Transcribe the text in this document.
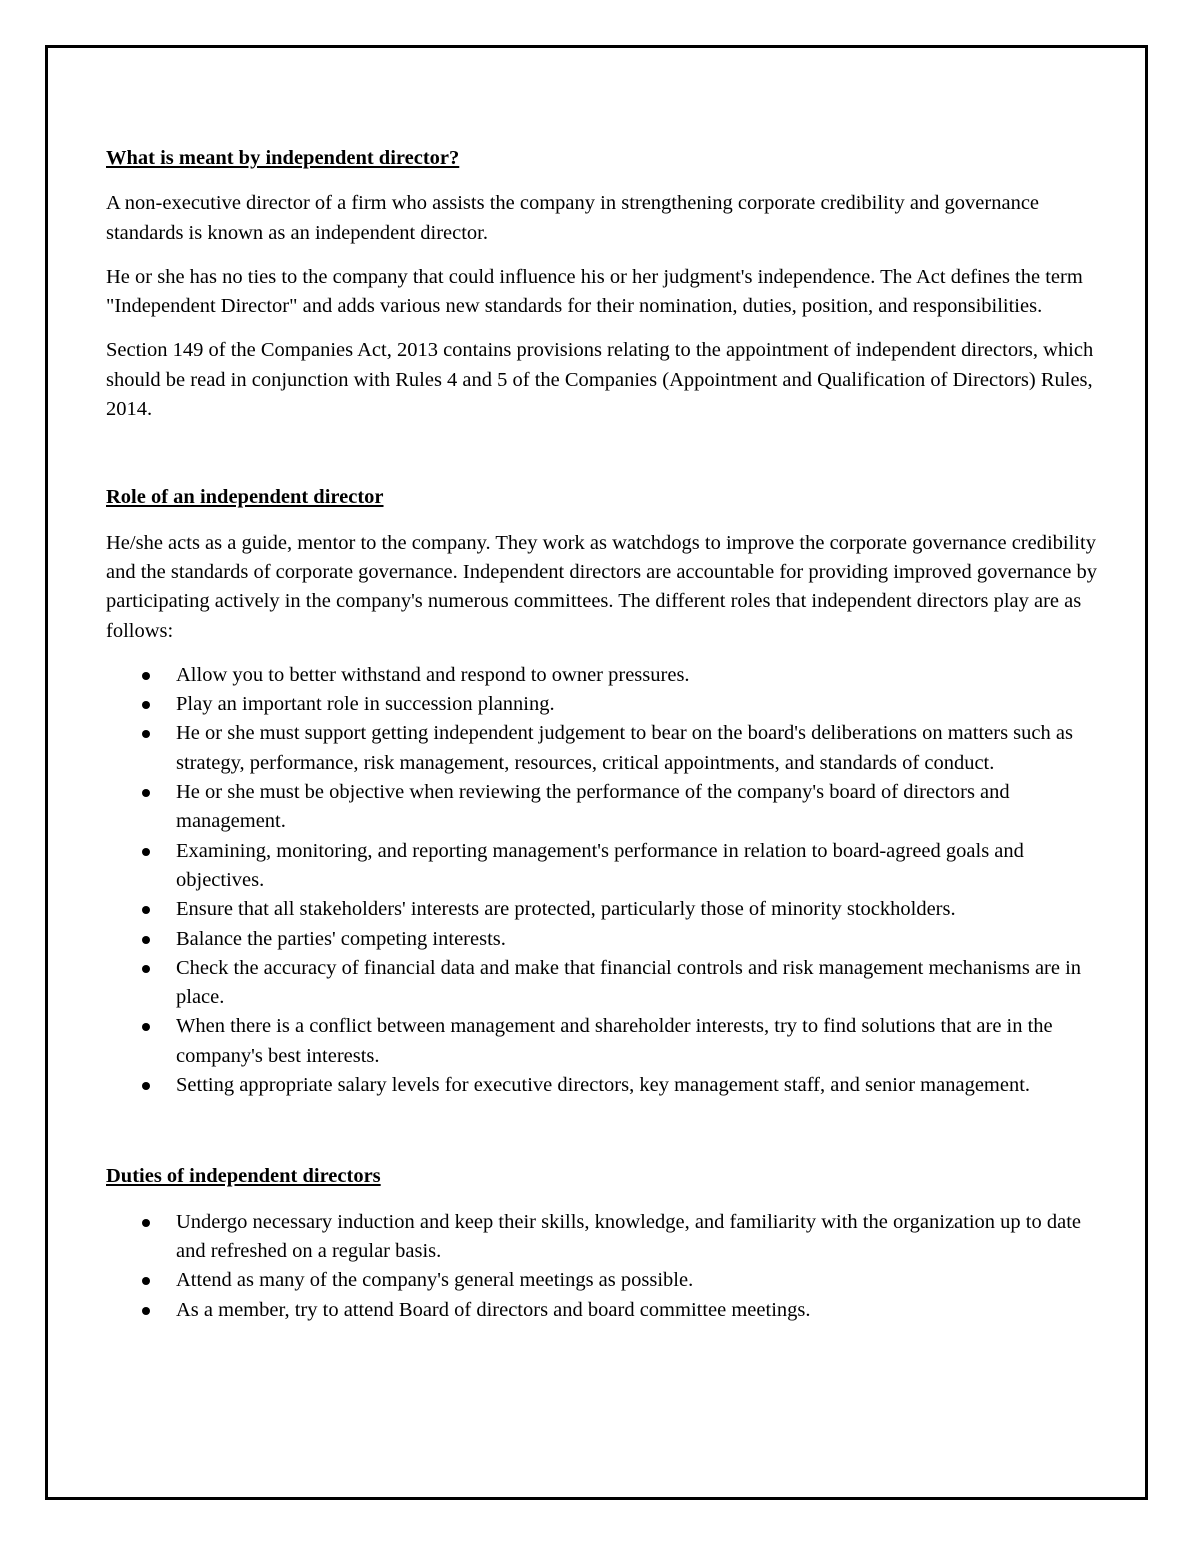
What is meant by independent director?

A non-executive director of a firm who assists the company in strengthening corporate credibility and governance standards is known as an independent director.

He or she has no ties to the company that could influence his or her judgment's independence. The Act defines the term "Independent Director" and adds various new standards for their nomination, duties, position, and responsibilities.

Section 149 of the Companies Act, 2013 contains provisions relating to the appointment of independent directors, which should be read in conjunction with Rules 4 and 5 of the Companies (Appointment and Qualification of Directors) Rules, 2014.

Role of an independent director

He/she acts as a guide, mentor to the company. They work as watchdogs to improve the corporate governance credibility and the standards of corporate governance. Independent directors are accountable for providing improved governance by participating actively in the company's numerous committees. The different roles that independent directors play are as follows:

Allow you to better withstand and respond to owner pressures.
Play an important role in succession planning.
He or she must support getting independent judgement to bear on the board's deliberations on matters such as strategy, performance, risk management, resources, critical appointments, and standards of conduct.
He or she must be objective when reviewing the performance of the company's board of directors and management.
Examining, monitoring, and reporting management's performance in relation to board-agreed goals and objectives.
Ensure that all stakeholders' interests are protected, particularly those of minority stockholders.
Balance the parties' competing interests.
Check the accuracy of financial data and make that financial controls and risk management mechanisms are in place.
When there is a conflict between management and shareholder interests, try to find solutions that are in the company's best interests.
Setting appropriate salary levels for executive directors, key management staff, and senior management.
Duties of independent directors
Undergo necessary induction and keep their skills, knowledge, and familiarity with the organization up to date and refreshed on a regular basis.
Attend as many of the company's general meetings as possible.
As a member, try to attend Board of directors and board committee meetings.
